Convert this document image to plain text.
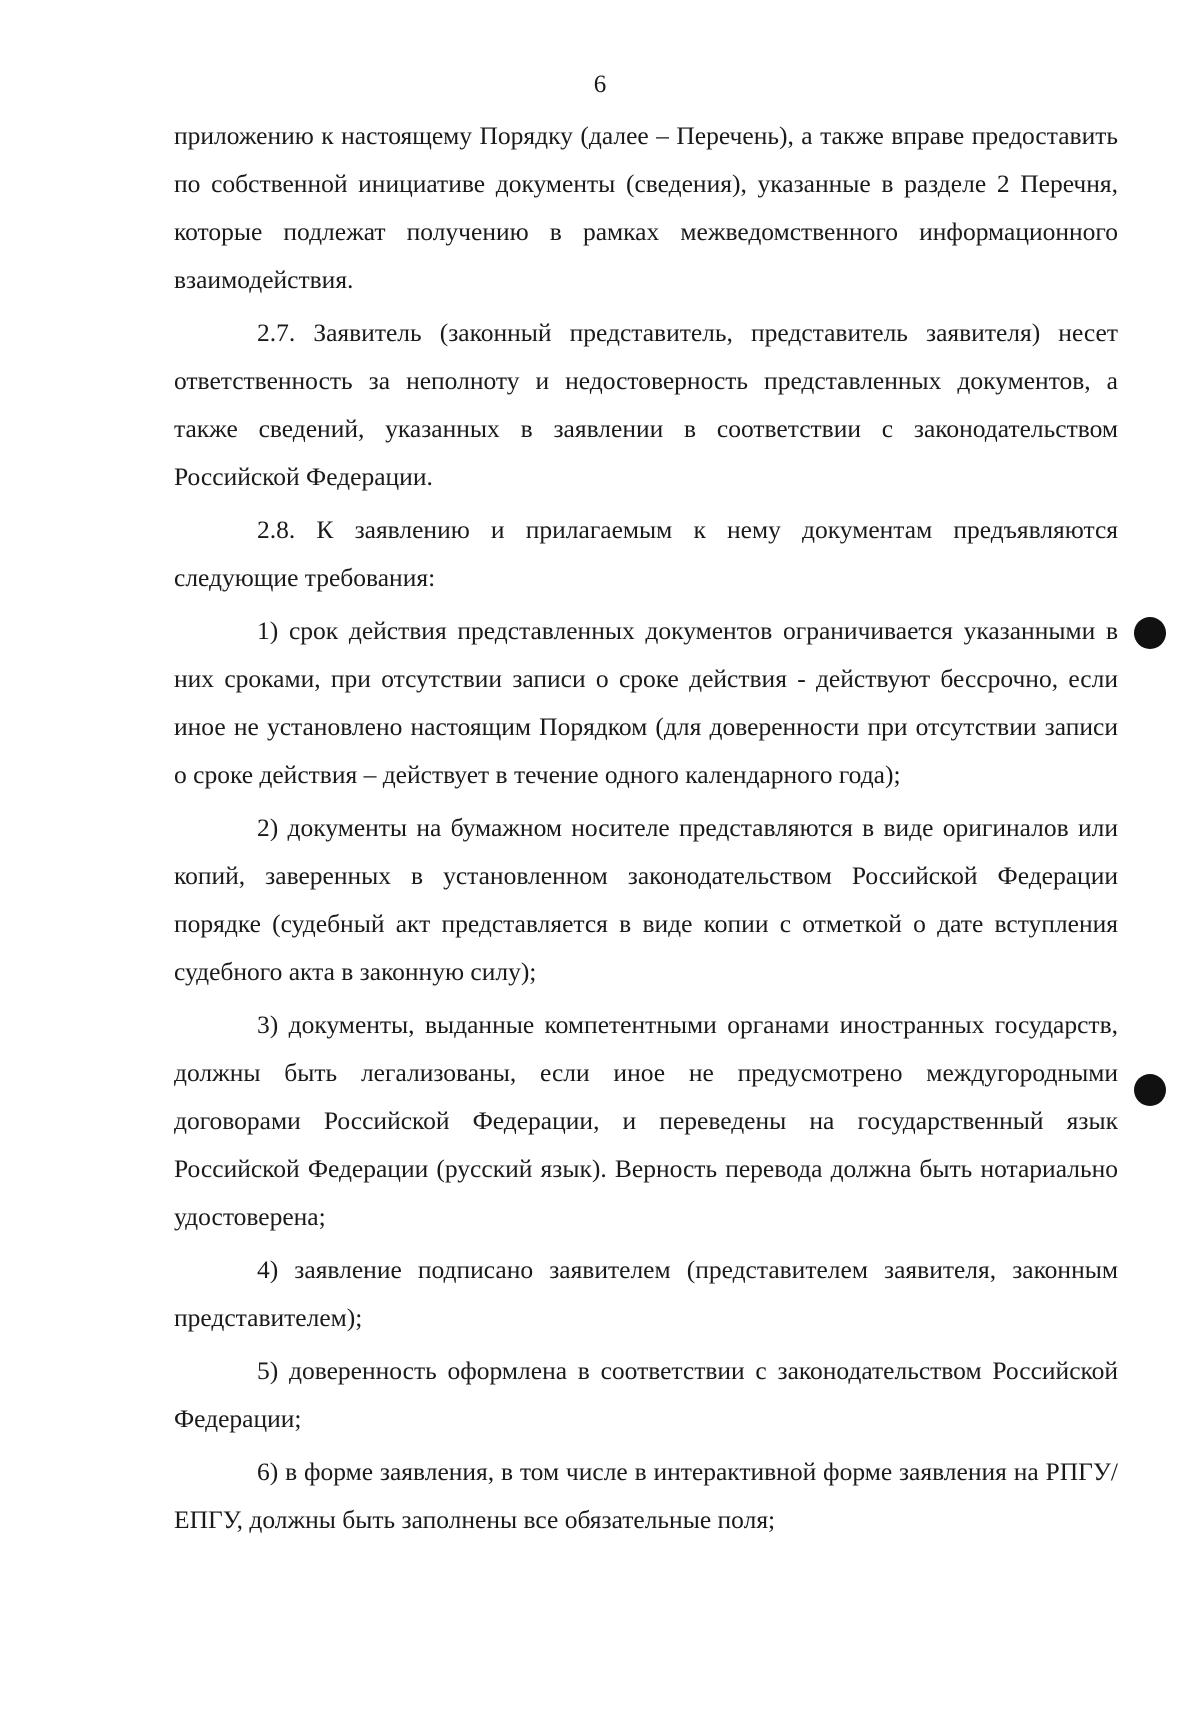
6

приложению к настоящему Порядку (далее – Перечень), а также вправе предоставить по собственной инициативе документы (сведения), указанные в разделе 2 Перечня, которые подлежат получению в рамках межведомственного информационного взаимодействия.

2.7. Заявитель (законный представитель, представитель заявителя) несет ответственность за неполноту и недостоверность представленных документов, а также сведений, указанных в заявлении в соответствии с законодательством Российской Федерации.

2.8. К заявлению и прилагаемым к нему документам предъявляются следующие требования:

1) срок действия представленных документов ограничивается указанными в них сроками, при отсутствии записи о сроке действия - действуют бессрочно, если иное не установлено настоящим Порядком (для доверенности при отсутствии записи о сроке действия – действует в течение одного календарного года);

2) документы на бумажном носителе представляются в виде оригиналов или копий, заверенных в установленном законодательством Российской Федерации порядке (судебный акт представляется в виде копии с отметкой о дате вступления судебного акта в законную силу);

3) документы, выданные компетентными органами иностранных государств, должны быть легализованы, если иное не предусмотрено междугородными договорами Российской Федерации, и переведены на государственный язык Российской Федерации (русский язык). Верность перевода должна быть нотариально удостоверена;

4) заявление подписано заявителем (представителем заявителя, законным представителем);

5) доверенность оформлена в соответствии с законодательством Российской Федерации;

6) в форме заявления, в том числе в интерактивной форме заявления на РПГУ/ЕПГУ, должны быть заполнены все обязательные поля;
